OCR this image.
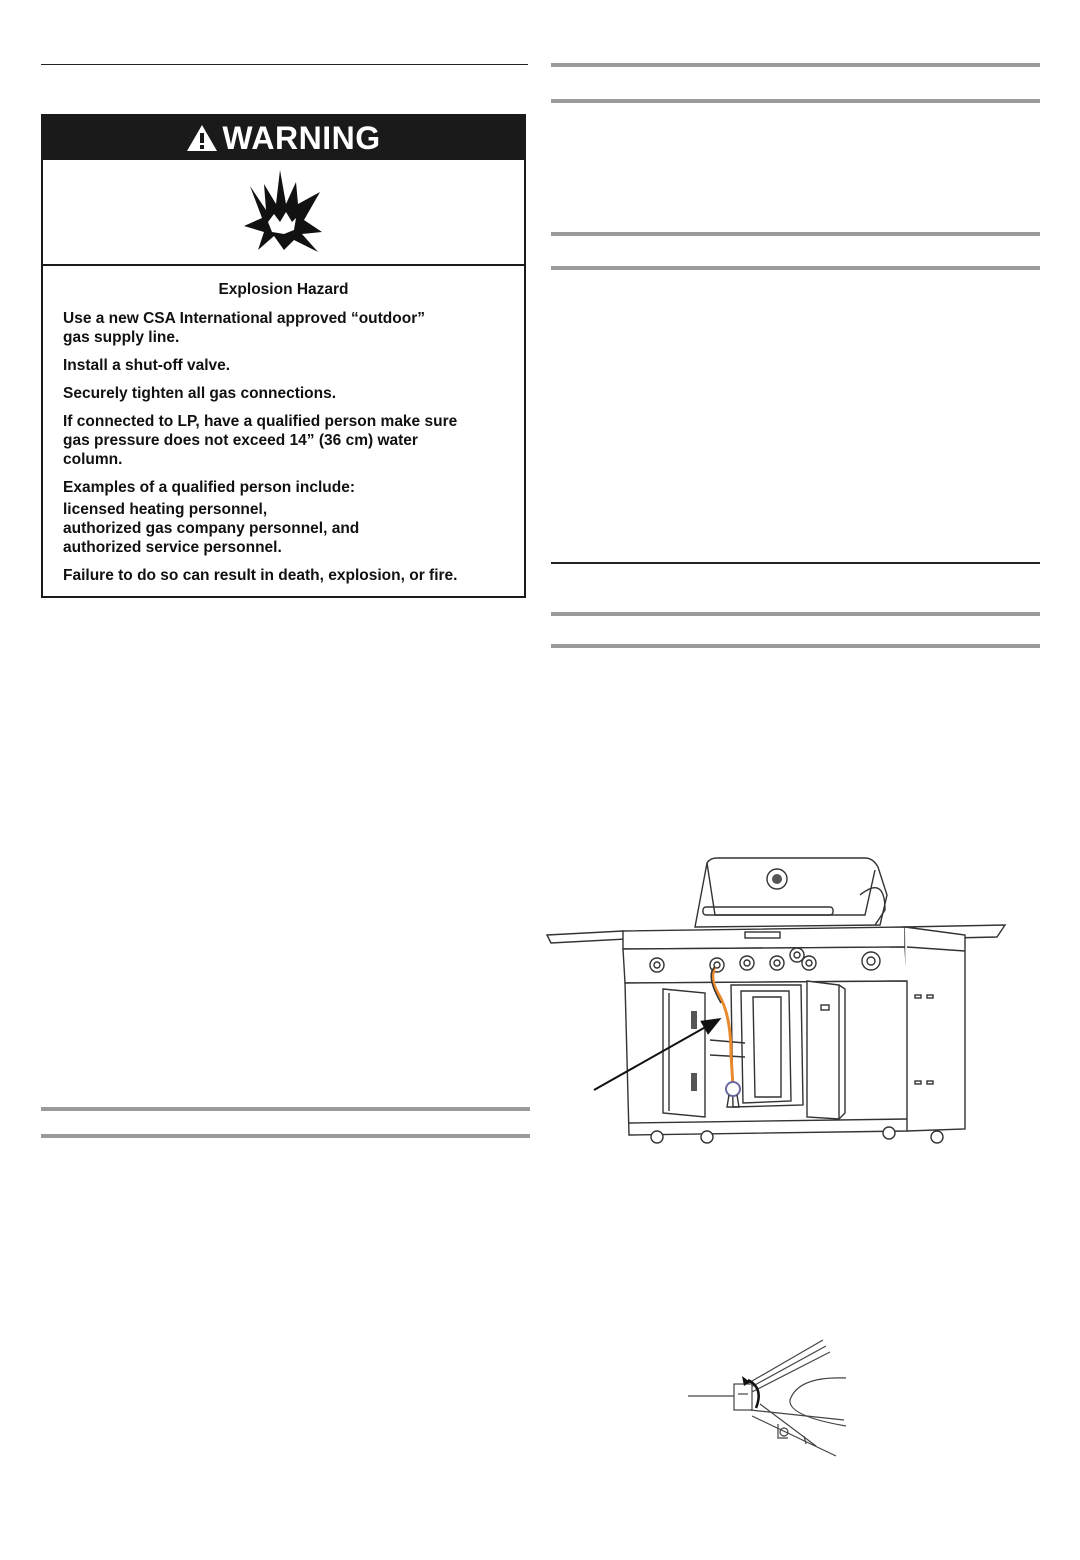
WARNING
Explosion Hazard

Use a new CSA International approved “outdoor”
gas supply line.

Install a shut-off valve.

Securely tighten all gas connections.

If connected to LP, have a qualified person make sure
gas pressure does not exceed 14” (36 cm) water
column.

Examples of a qualified person include:

licensed heating personnel,
authorized gas company personnel, and
authorized service personnel.

Failure to do so can result in death, explosion, or fire.
